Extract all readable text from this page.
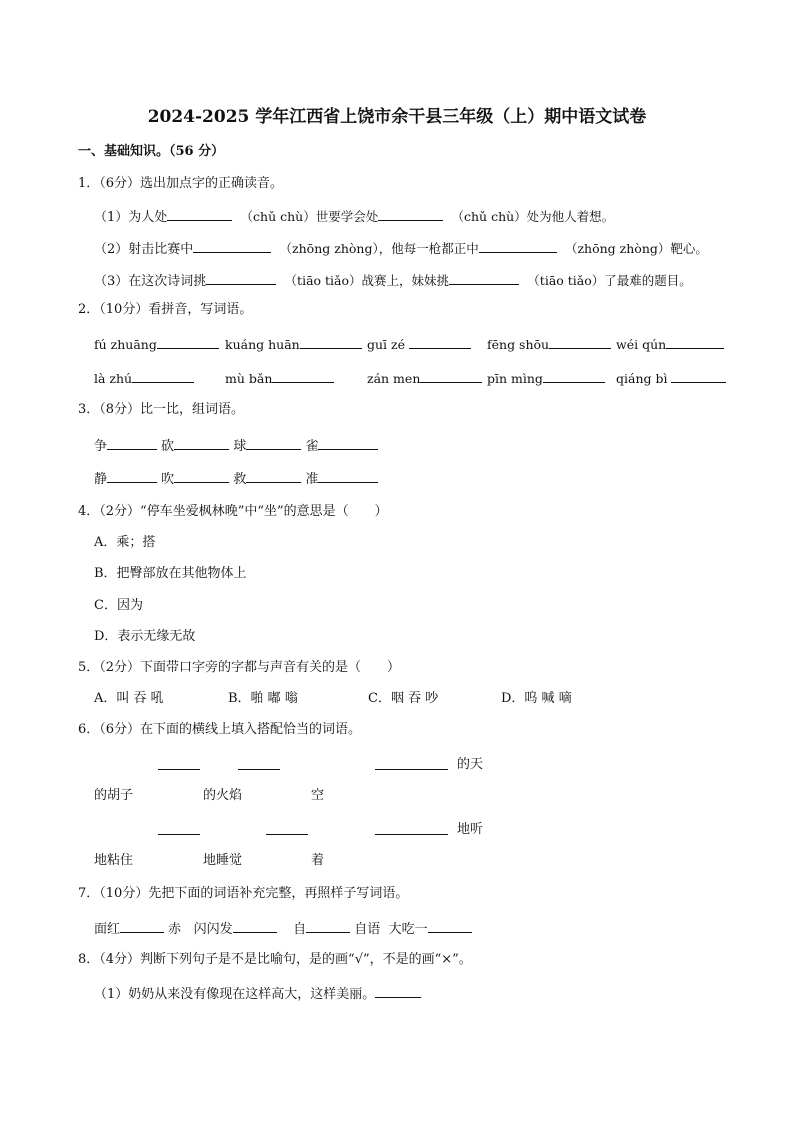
2024-2025 学年江西省上饶市余干县三年级（上）期中语文试卷
一、基础知识。（56 分）
1．（6分）选出加点字的正确读音。
（1）为人处	（chǔ chù）世要学会处	（chǔ chù）处为他人着想。
（2）射击比赛中	（zhōng zhòng），他每一枪都正中	（zhōng zhòng）靶心。
（3）在这次诗词挑	（tiāo tiǎo）战赛上，妹妹挑	（tiāo tiǎo）了最难的题目。
2．（10分）看拼音，写词语。
fú zhuāng	kuáng huān	guī zé	fēng shōu	wéi qún
là zhú	mù bǎn	zán men	pīn mìng	qiáng bì
3．（8分）比一比，组词语。
争	砍	球	雀
静	吹	救	准
4．（2分）“停车坐爱枫林晚”中“坐”的意思是（　　）
A．乘；搭
B．把臀部放在其他物体上
C．因为
D．表示无缘无故
5．（2分）下面带口字旁的字都与声音有关的是（　　）
A．叫 吞 吼	B．啪 嘟 嗡	C．咽 吞 吵	D．呜 喊 嘀
6．（6分）在下面的横线上填入搭配恰当的词语。
的天
的胡子	的火焰	空
地听
地粘住	地睡觉	着
7．（10分）先把下面的词语补充完整，再照样子写词语。
面红	赤 闪闪发	自	自语 大吃一
8．（4分）判断下列句子是不是比喻句，是的画“√”，不是的画“×”。
（1）奶奶从来没有像现在这样高大，这样美丽。
